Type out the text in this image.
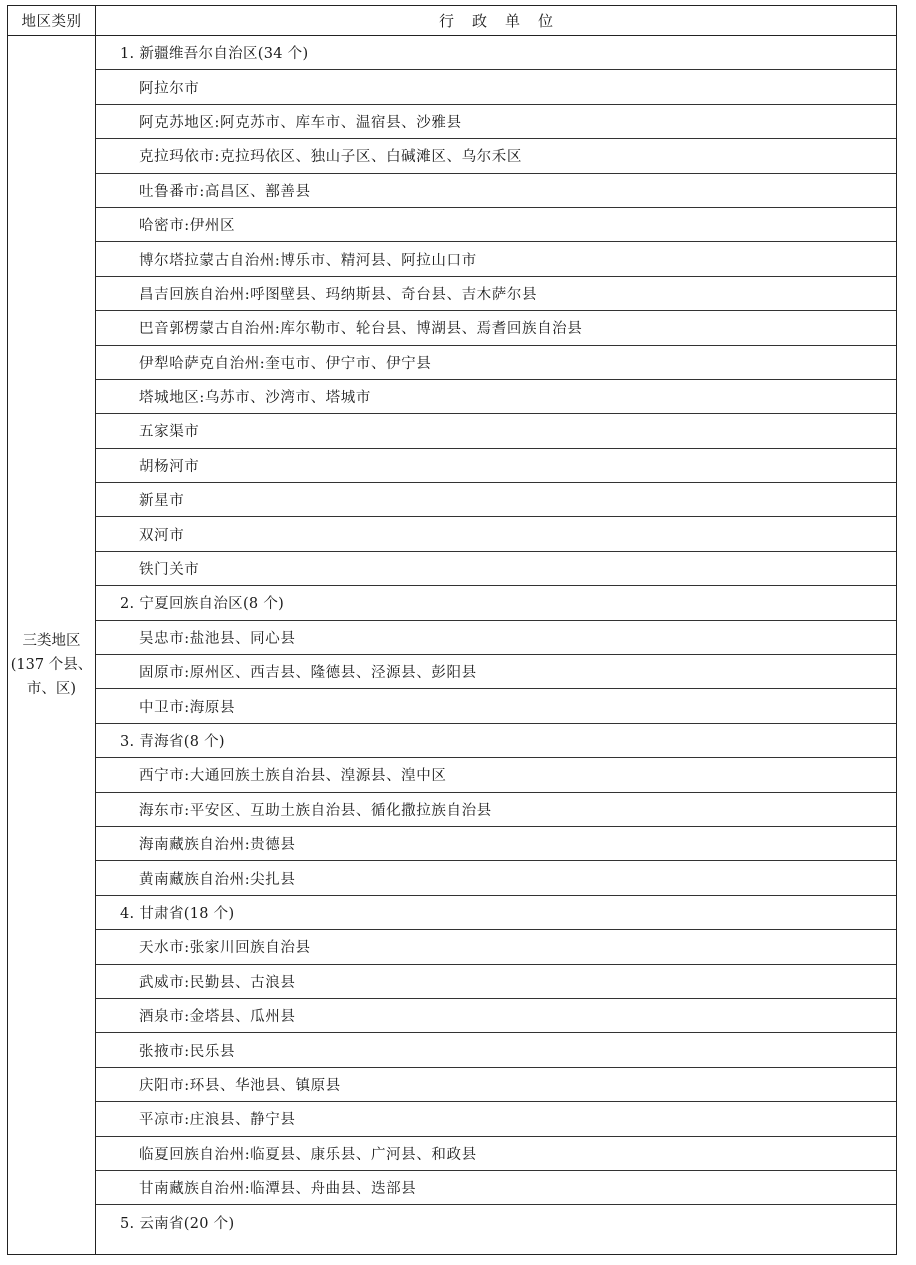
地区类别	行政单位
三类地区
(137 个县、
市、区)
1. 新疆维吾尔自治区(34 个)
阿拉尔市
阿克苏地区:阿克苏市、库车市、温宿县、沙雅县
克拉玛依市:克拉玛依区、独山子区、白碱滩区、乌尔禾区
吐鲁番市:高昌区、鄯善县
哈密市:伊州区
博尔塔拉蒙古自治州:博乐市、精河县、阿拉山口市
昌吉回族自治州:呼图壁县、玛纳斯县、奇台县、吉木萨尔县
巴音郭楞蒙古自治州:库尔勒市、轮台县、博湖县、焉耆回族自治县
伊犁哈萨克自治州:奎屯市、伊宁市、伊宁县
塔城地区:乌苏市、沙湾市、塔城市
五家渠市
胡杨河市
新星市
双河市
铁门关市
2. 宁夏回族自治区(8 个)
吴忠市:盐池县、同心县
固原市:原州区、西吉县、隆德县、泾源县、彭阳县
中卫市:海原县
3. 青海省(8 个)
西宁市:大通回族土族自治县、湟源县、湟中区
海东市:平安区、互助土族自治县、循化撒拉族自治县
海南藏族自治州:贵德县
黄南藏族自治州:尖扎县
4. 甘肃省(18 个)
天水市:张家川回族自治县
武威市:民勤县、古浪县
酒泉市:金塔县、瓜州县
张掖市:民乐县
庆阳市:环县、华池县、镇原县
平凉市:庄浪县、静宁县
临夏回族自治州:临夏县、康乐县、广河县、和政县
甘南藏族自治州:临潭县、舟曲县、迭部县
5. 云南省(20 个)
